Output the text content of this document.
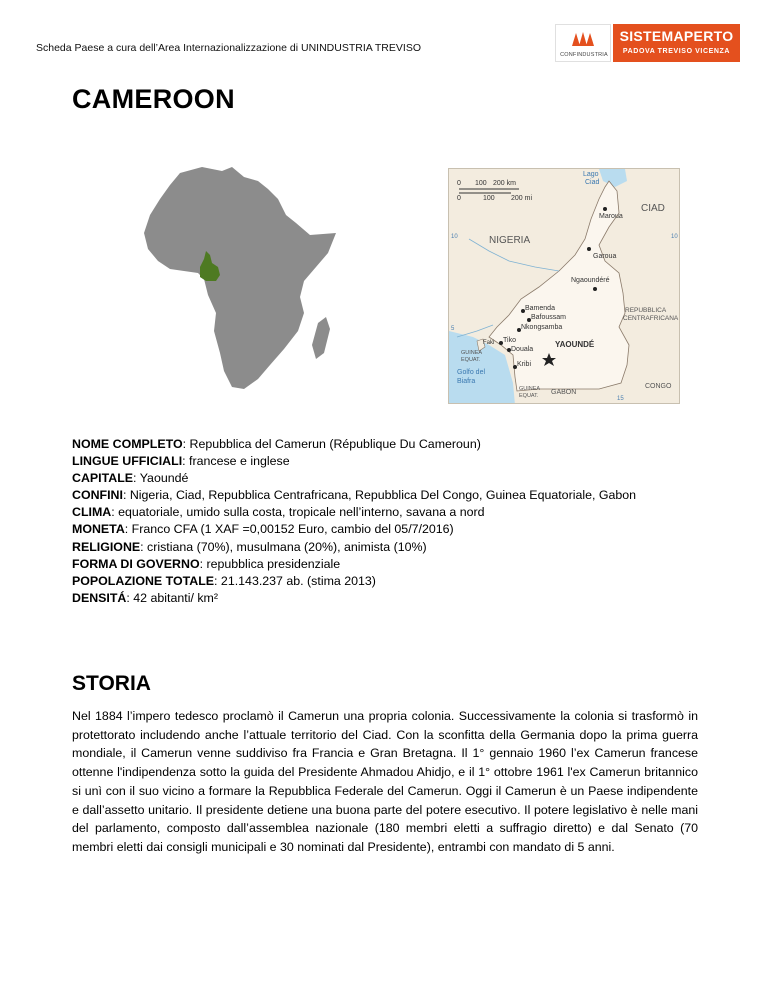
Scheda Paese a cura dell’Area Internazionalizzazione di UNINDUSTRIA TREVISO
CONFINDUSTRIA
SISTEMAPERTO
PADOVA TREVISO VICENZA
CAMEROON
0 100 200 km
0	100 200 mi
Lago
Ciad
CIAD
NIGERIA
Maroua
Garoua
Ngaoundéré
Bamenda
Bafoussam
Nkongsamba
REPUBBLICA
CENTRAFRICANA
Tiko
Faki
Douala
YAOUNDÉ
GUINEA
EQUAT.
Kribi
Golfo del
Biafra
GUINEA
EQUAT. GABON
CONGO
10	10
5
15

NOME COMPLETO: Repubblica del Camerun (République Du Cameroun)

LINGUE UFFICIALI: francese e inglese

CAPITALE: Yaoundé

CONFINI: Nigeria, Ciad, Repubblica Centrafricana, Repubblica Del Congo, Guinea Equatoriale, Gabon

CLIMA: equatoriale, umido sulla costa, tropicale nell’interno, savana a nord

MONETA: Franco CFA (1 XAF =0,00152 Euro, cambio del 05/7/2016)

RELIGIONE: cristiana (70%), musulmana (20%), animista (10%)

FORMA DI GOVERNO: repubblica presidenziale

POPOLAZIONE TOTALE: 21.143.237 ab. (stima 2013)

DENSITÁ: 42 abitanti/ km²

STORIA

Nel 1884 l’impero tedesco proclamò il Camerun una propria colonia. Successivamente la colonia si trasformò in protettorato includendo anche l’attuale territorio del Ciad. Con la sconfitta della Germania dopo la prima guerra mondiale, il Camerun venne suddiviso fra Francia e Gran Bretagna. Il 1° gennaio 1960 l’ex Camerun francese ottenne l'indipendenza sotto la guida del Presidente Ahmadou Ahidjo, e il 1° ottobre 1961 l'ex Camerun britannico si unì con il suo vicino a formare la Repubblica Federale del Camerun. Oggi il Camerun è un Paese indipendente e dall’assetto unitario. Il presidente detiene una buona parte del potere esecutivo. Il potere legislativo è nelle mani del parlamento, composto dall’assemblea nazionale (180 membri eletti a suffragio diretto) e dal Senato (70 membri eletti dai consigli municipali e 30 nominati dal Presidente), entrambi con mandato di 5 anni.
